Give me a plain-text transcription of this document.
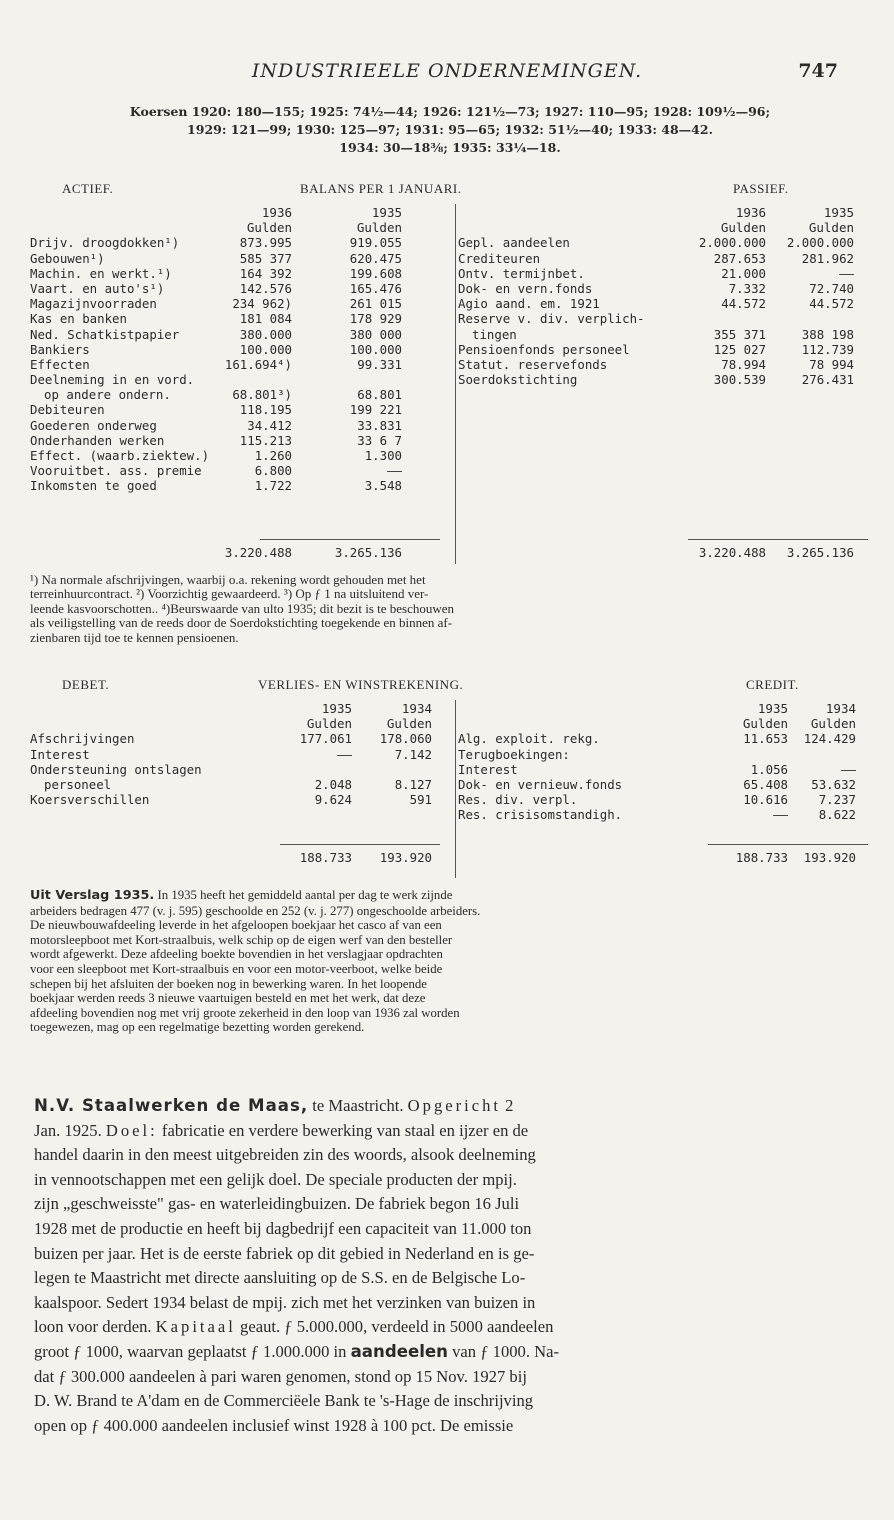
INDUSTRIEELE ONDERNEMINGEN.	747
Koersen 1920: 180—155; 1925: 74½—44; 1926: 121½—73; 1927: 110—95; 1928: 109½—96;
1929: 121—99; 1930: 125—97; 1931: 95—65; 1932: 51½—40; 1933: 48—42.
1934: 30—18⅜; 1935: 33¼—18.
ACTIEF.	BALANS PER 1 JANUARI.	PASSIEF.
1936	1935
Gulden	Gulden
Drijv. droogdokken¹)	873.995	919.055
Gebouwen¹)	585 377	620.475
Machin. en werkt.¹)	164 392	199.608
Vaart. en auto's¹)	142.576	165.476
Magazijnvoorraden	234 962)	261 015
Kas en banken	181 084	178 929
Ned. Schatkistpapier	380.000	380 000
Bankiers	100.000	100.000
Effecten	161.694⁴)	99.331
Deelneming in en vord.
op andere ondern.	68.801³)	68.801
Debiteuren	118.195	199 221
Goederen onderweg	34.412	33.831
Onderhanden werken	115.213	33 6 7
Effect. (waarb.ziektew.)	1.260	1.300
Vooruitbet. ass. premie	6.800	——
Inkomsten te goed	1.722	3.548
3.220.488	3.265.136
1936	1935
Gulden	Gulden
Gepl. aandeelen	2.000.000 2.000.000
Crediteuren	287.653	281.962
Ontv. termijnbet.	21.000	——
Dok- en vern.fonds	7.332	72.740
Agio aand. em. 1921	44.572	44.572
Reserve v. div. verplich-
tingen	355 371	388 198
Pensioenfonds personeel	125 027	112.739
Statut. reservefonds	78.994	78 994
Soerdokstichting	300.539	276.431
3.220.488 3.265.136
¹) Na normale afschrijvingen, waarbij o.a. rekening wordt gehouden met het
terreinhuurcontract. ²) Voorzichtig gewaardeerd. ³) Op ƒ 1 na uitsluitend ver-
leende kasvoorschotten.. ⁴)Beurswaarde van ulto 1935; dit bezit is te beschouwen
als veiligstelling van de reeds door de Soerdokstichting toegekende en binnen af-
zienbaren tijd toe te kennen pensioenen.
DEBET.	VERLIES- EN WINSTREKENING.	CREDIT.
1935	1934
Gulden	Gulden
Afschrijvingen	177.061 178.060
Interest	——	7.142
Ondersteuning ontslagen
personeel	2.048	8.127
Koersverschillen	9.624	591
188.733 193.920
1935	1934
Gulden Gulden
Alg. exploit. rekg.	11.653 124.429
Terugboekingen:
Interest	1.056	——
Dok- en vernieuw.fonds	65.408 53.632
Res. div. verpl.	10.616 7.237
Res. crisisomstandigh.	—— 8.622
188.733 193.920
Uit Verslag 1935. In 1935 heeft het gemiddeld aantal per dag te werk zijnde
arbeiders bedragen 477 (v. j. 595) geschoolde en 252 (v. j. 277) ongeschoolde arbeiders.
De nieuwbouwafdeeling leverde in het afgeloopen boekjaar het casco af van een
motorsleepboot met Kort-straalbuis, welk schip op de eigen werf van den besteller
wordt afgewerkt. Deze afdeeling boekte bovendien in het verslagjaar opdrachten
voor een sleepboot met Kort-straalbuis en voor een motor-veerboot, welke beide
schepen bij het afsluiten der boeken nog in bewerking waren. In het loopende
boekjaar werden reeds 3 nieuwe vaartuigen besteld en met het werk, dat deze
afdeeling bovendien nog met vrij groote zekerheid in den loop van 1936 zal worden
toegewezen, mag op een regelmatige bezetting worden gerekend.
N.V. Staalwerken de Maas, te Maastricht. Opgericht 2
Jan. 1925. Doel: fabricatie en verdere bewerking van staal en ijzer en de
handel daarin in den meest uitgebreiden zin des woords, alsook deelneming
in vennootschappen met een gelijk doel. De speciale producten der mpij.
zijn „geschweisste" gas- en waterleidingbuizen. De fabriek begon 16 Juli
1928 met de productie en heeft bij dagbedrijf een capaciteit van 11.000 ton
buizen per jaar. Het is de eerste fabriek op dit gebied in Nederland en is ge-
legen te Maastricht met directe aansluiting op de S.S. en de Belgische Lo-
kaalspoor. Sedert 1934 belast de mpij. zich met het verzinken van buizen in
loon voor derden. Kapitaal geaut. ƒ 5.000.000, verdeeld in 5000 aandeelen
groot ƒ 1000, waarvan geplaatst ƒ 1.000.000 in aandeelen van ƒ 1000. Na-
dat ƒ 300.000 aandeelen à pari waren genomen, stond op 15 Nov. 1927 bij
D. W. Brand te A'dam en de Commerciëele Bank te 's-Hage de inschrijving
open op ƒ 400.000 aandeelen inclusief winst 1928 à 100 pct. De emissie
